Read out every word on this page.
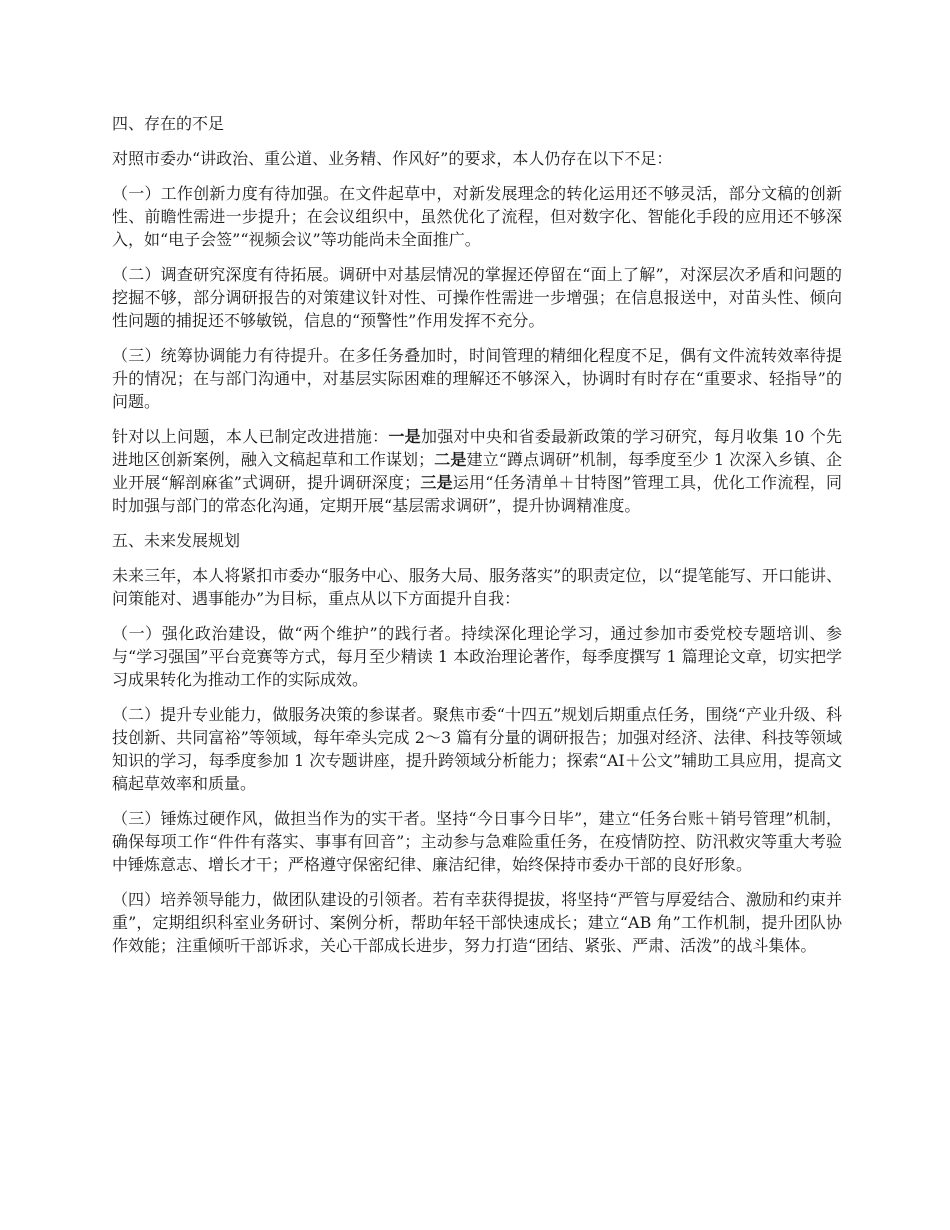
四、存在的不足

对照市委办“讲政治、重公道、业务精、作风好”的要求，本人仍存在以下不足：

（一）工作创新力度有待加强。在文件起草中，对新发展理念的转化运用还不够灵活，部分文稿的创新性、前瞻性需进一步提升；在会议组织中，虽然优化了流程，但对数字化、智能化手段的应用还不够深入，如“电子会签”“视频会议”等功能尚未全面推广。

（二）调查研究深度有待拓展。调研中对基层情况的掌握还停留在“面上了解”，对深层次矛盾和问题的挖掘不够，部分调研报告的对策建议针对性、可操作性需进一步增强；在信息报送中，对苗头性、倾向性问题的捕捉还不够敏锐，信息的“预警性”作用发挥不充分。

（三）统筹协调能力有待提升。在多任务叠加时，时间管理的精细化程度不足，偶有文件流转效率待提升的情况；在与部门沟通中，对基层实际困难的理解还不够深入，协调时有时存在“重要求、轻指导”的问题。

针对以上问题，本人已制定改进措施：一是加强对中央和省委最新政策的学习研究，每月收集 10 个先进地区创新案例，融入文稿起草和工作谋划；二是建立“蹲点调研”机制，每季度至少 1 次深入乡镇、企业开展“解剖麻雀”式调研，提升调研深度；三是运用“任务清单＋甘特图”管理工具，优化工作流程，同时加强与部门的常态化沟通，定期开展“基层需求调研”，提升协调精准度。

五、未来发展规划

未来三年，本人将紧扣市委办“服务中心、服务大局、服务落实”的职责定位，以“提笔能写、开口能讲、问策能对、遇事能办”为目标，重点从以下方面提升自我：

（一）强化政治建设，做“两个维护”的践行者。持续深化理论学习，通过参加市委党校专题培训、参与“学习强国”平台竞赛等方式，每月至少精读 1 本政治理论著作，每季度撰写 1 篇理论文章，切实把学习成果转化为推动工作的实际成效。

（二）提升专业能力，做服务决策的参谋者。聚焦市委“十四五”规划后期重点任务，围绕“产业升级、科技创新、共同富裕”等领域，每年牵头完成 2～3 篇有分量的调研报告；加强对经济、法律、科技等领域知识的学习，每季度参加 1 次专题讲座，提升跨领域分析能力；探索“AI＋公文”辅助工具应用，提高文稿起草效率和质量。

（三）锤炼过硬作风，做担当作为的实干者。坚持“今日事今日毕”，建立“任务台账＋销号管理”机制，确保每项工作“件件有落实、事事有回音”；主动参与急难险重任务，在疫情防控、防汛救灾等重大考验中锤炼意志、增长才干；严格遵守保密纪律、廉洁纪律，始终保持市委办干部的良好形象。

（四）培养领导能力，做团队建设的引领者。若有幸获得提拔，将坚持“严管与厚爱结合、激励和约束并重”，定期组织科室业务研讨、案例分析，帮助年轻干部快速成长；建立“AB 角”工作机制，提升团队协作效能；注重倾听干部诉求，关心干部成长进步，努力打造“团结、紧张、严肃、活泼”的战斗集体。
